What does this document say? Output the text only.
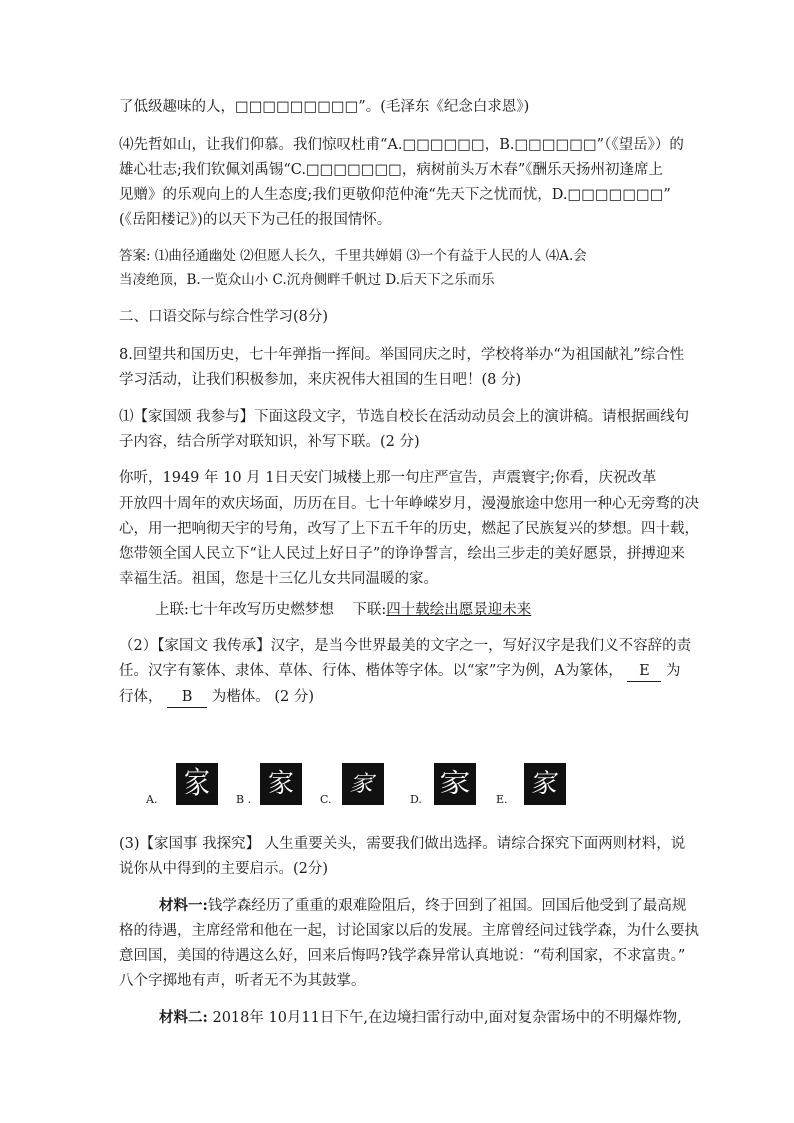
了低级趣味的人，□□□□□□□□□”。(毛泽东《纪念白求恩》)
⑷先哲如山，让我们仰慕。我们惊叹杜甫“A.□□□□□□，B.□□□□□□”（《望岳》）的
雄心壮志;我们钦佩刘禹锡“C.□□□□□□□，病树前头万木春”《酬乐天扬州初逢席上
见赠》的乐观向上的人生态度;我们更敬仰范仲淹“先天下之忧而忧，D.□□□□□□□”
(《岳阳楼记》)的以天下为己任的报国情怀。
答案: ⑴曲径通幽处 ⑵但愿人长久，千里共婵娟 ⑶一个有益于人民的人 ⑷A.会
当凌绝顶，B.一览众山小 C.沉舟侧畔千帆过 D.后天下之乐而乐
二、口语交际与综合性学习(8分)
8.回望共和国历史，七十年弹指一挥间。举国同庆之时，学校将举办“为祖国献礼”综合性
学习活动，让我们积极参加，来庆祝伟大祖国的生日吧！(8 分)
⑴【家国颂 我参与】下面这段文字，节选自校长在活动动员会上的演讲稿。请根据画线句
子内容，结合所学对联知识，补写下联。(2 分)
你听，1949 年 10 月 1日天安门城楼上那一句庄严宣告，声震寰宇;你看，庆祝改革
开放四十周年的欢庆场面，历历在目。七十年峥嵘岁月，漫漫旅途中您用一种心无旁骛的决
心，用一把响彻天宇的号角，改写了上下五千年的历史，燃起了民族复兴的梦想。四十载，
您带领全国人民立下“让人民过上好日子”的诤诤誓言，绘出三步走的美好愿景，拼搏迎来
幸福生活。祖国，您是十三亿儿女共同温暖的家。
上联:七十年改写历史燃梦想 下联:四十载绘出愿景迎未来
（2）【家国文 我传承】汉字，是当今世界最美的文字之一，写好汉字是我们义不容辞的责
任。汉字有篆体、隶体、草体、行体、楷体等字体。以“家”字为例，A为篆体， E 为
行体， B 为楷体。 (2 分)
A. 家 B .
家
C.
家
D.
家
E.
家
(3)【家国事 我探究】 人生重要关头，需要我们做出选择。请综合探究下面两则材料，说
说你从中得到的主要启示。(2分)
材料一:钱学森经历了重重的艰难险阻后，终于回到了祖国。回国后他受到了最高规
格的待遇，主席经常和他在一起，讨论国家以后的发展。主席曾经问过钱学森，为什么要执
意回国，美国的待遇这么好，回来后悔吗?钱学森异常认真地说：“苟利国家，不求富贵。”
八个字掷地有声，听者无不为其鼓掌。
材料二: 2018年 10月11日下午,在边境扫雷行动中,面对复杂雷场中的不明爆炸物,
